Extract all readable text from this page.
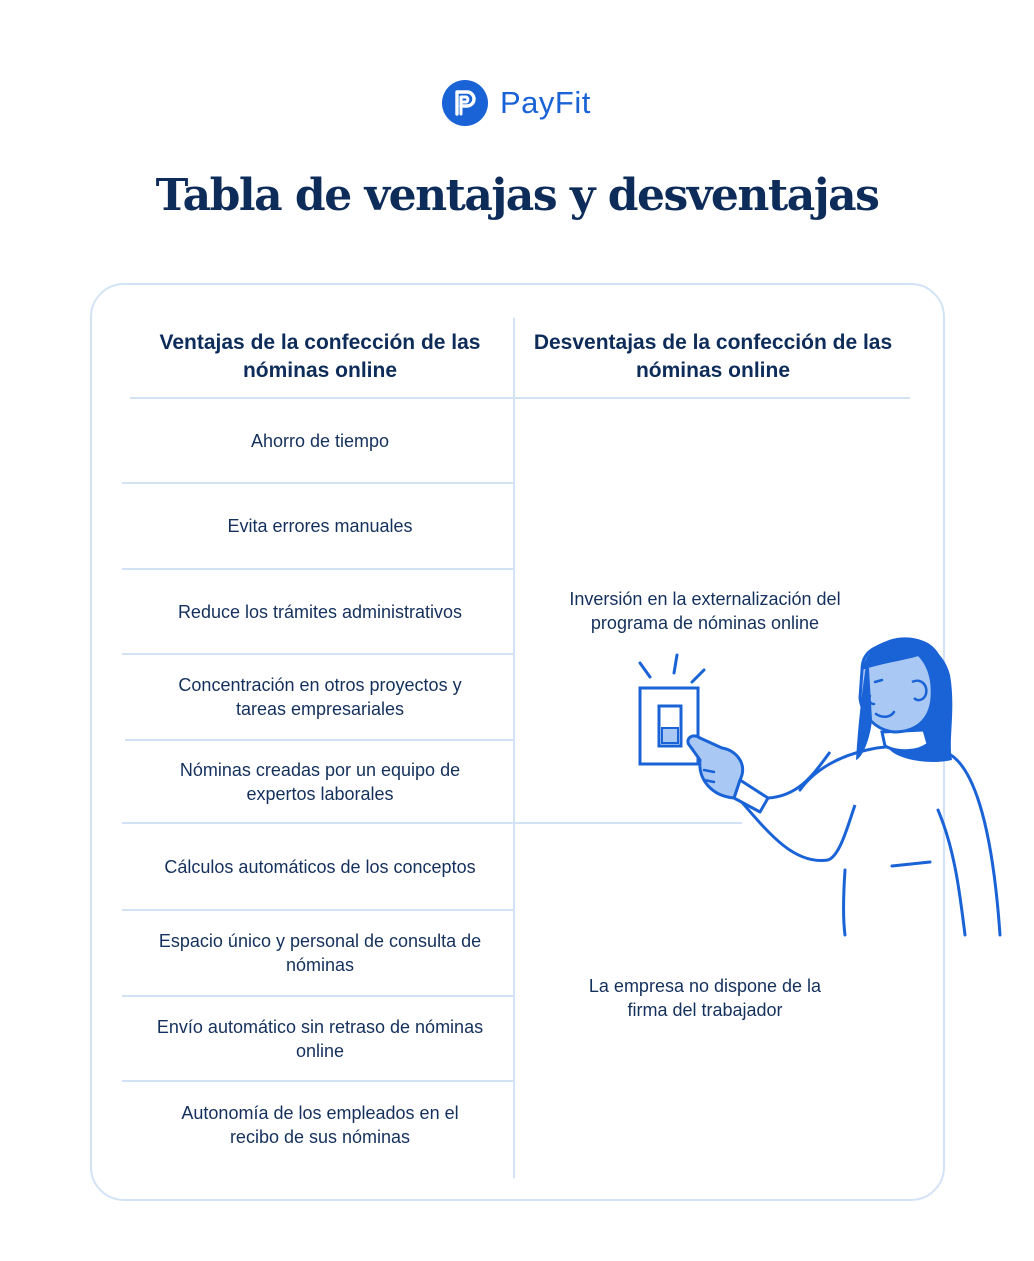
PayFit
Tabla de ventajas y desventajas
Ventajas de la confección de las nóminas online
Desventajas de la confección de las nóminas online
Ahorro de tiempo
Evita errores manuales
Reduce los trámites administrativos
Concentración en otros proyectos y tareas empresariales
Nóminas creadas por un equipo de expertos laborales
Cálculos automáticos de los conceptos
Espacio único y personal de consulta de nóminas
Envío automático sin retraso de nóminas online
Autonomía de los empleados en el recibo de sus nóminas
Inversión en la externalización del programa de nóminas online
La empresa no dispone de la firma del trabajador
